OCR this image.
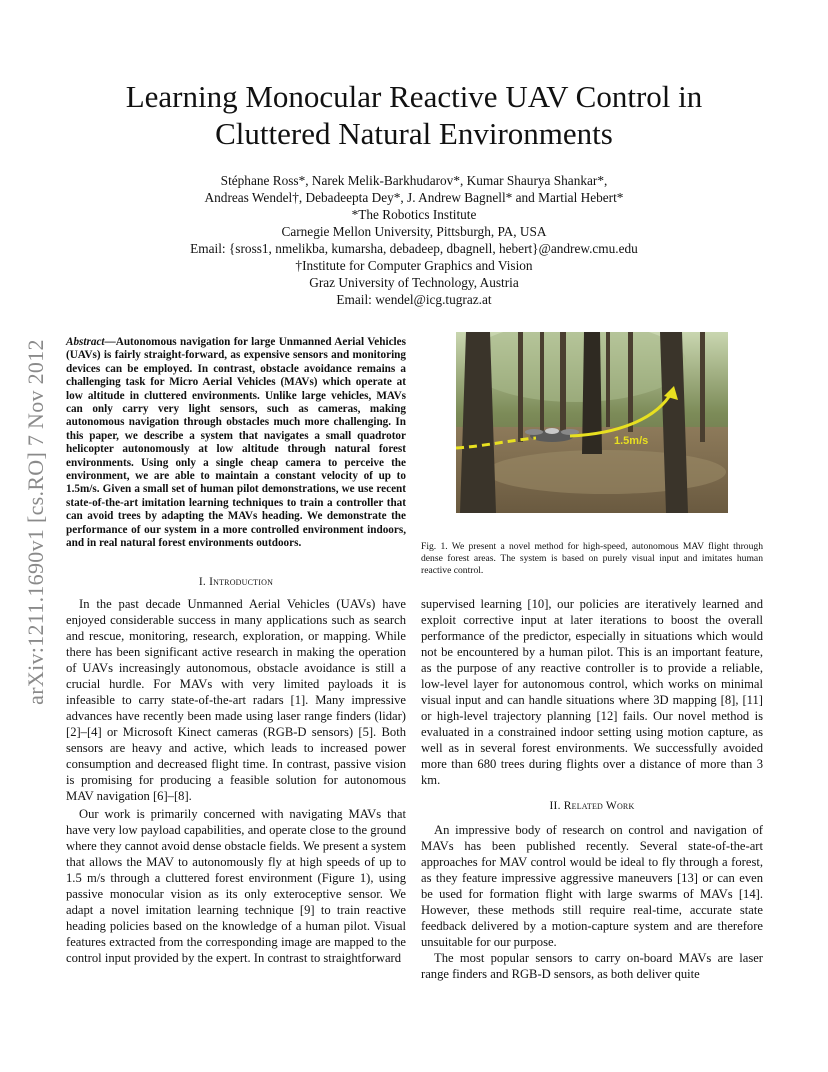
arXiv:1211.1690v1 [cs.RO] 7 Nov 2012
Learning Monocular Reactive UAV Control in
Cluttered Natural Environments
Stéphane Ross*, Narek Melik-Barkhudarov*, Kumar Shaurya Shankar*,
Andreas Wendel†, Debadeepta Dey*, J. Andrew Bagnell* and Martial Hebert*
*The Robotics Institute
Carnegie Mellon University, Pittsburgh, PA, USA
Email: {sross1, nmelikba, kumarsha, debadeep, dbagnell, hebert}@andrew.cmu.edu
†Institute for Computer Graphics and Vision
Graz University of Technology, Austria
Email: wendel@icg.tugraz.at

Abstract—Autonomous navigation for large Unmanned Aerial Vehicles (UAVs) is fairly straight-forward, as expensive sensors and monitoring devices can be employed. In contrast, obstacle avoidance remains a challenging task for Micro Aerial Vehicles (MAVs) which operate at low altitude in cluttered environments. Unlike large vehicles, MAVs can only carry very light sensors, such as cameras, making autonomous navigation through obstacles much more challenging. In this paper, we describe a system that navigates a small quadrotor helicopter autonomously at low altitude through natural forest environments. Using only a single cheap camera to perceive the environment, we are able to maintain a constant velocity of up to 1.5m/s. Given a small set of human pilot demonstrations, we use recent state-of-the-art imitation learning techniques to train a controller that can avoid trees by adapting the MAVs heading. We demonstrate the performance of our system in a more controlled environment indoors, and in real natural forest environments outdoors.

1.5m/s

Fig. 1. We present a novel method for high-speed, autonomous MAV flight through dense forest areas. The system is based on purely visual input and imitates human reactive control.

I. Introduction

In the past decade Unmanned Aerial Vehicles (UAVs) have enjoyed considerable success in many applications such as search and rescue, monitoring, research, exploration, or mapping. While there has been significant active research in making the operation of UAVs increasingly autonomous, obstacle avoidance is still a crucial hurdle. For MAVs with very limited payloads it is infeasible to carry state-of-the-art radars [1]. Many impressive advances have recently been made using laser range finders (lidar) [2]–[4] or Microsoft Kinect cameras (RGB-D sensors) [5]. Both sensors are heavy and active, which leads to increased power consumption and decreased flight time. In contrast, passive vision is promising for producing a feasible solution for autonomous MAV navigation [6]–[8].

Our work is primarily concerned with navigating MAVs that have very low payload capabilities, and operate close to the ground where they cannot avoid dense obstacle fields. We present a system that allows the MAV to autonomously fly at high speeds of up to 1.5 m/s through a cluttered forest environment (Figure 1), using passive monocular vision as its only exteroceptive sensor. We adapt a novel imitation learning technique [9] to train reactive heading policies based on the knowledge of a human pilot. Visual features extracted from the corresponding image are mapped to the control input provided by the expert. In contrast to straightforward

supervised learning [10], our policies are iteratively learned and exploit corrective input at later iterations to boost the overall performance of the predictor, especially in situations which would not be encountered by a human pilot. This is an important feature, as the purpose of any reactive controller is to provide a reliable, low-level layer for autonomous control, which works on minimal visual input and can handle situations where 3D mapping [8], [11] or high-level trajectory planning [12] fails. Our novel method is evaluated in a constrained indoor setting using motion capture, as well as in several forest environments. We successfully avoided more than 680 trees during flights over a distance of more than 3 km.

II. Related Work

An impressive body of research on control and navigation of MAVs has been published recently. Several state-of-the-art approaches for MAV control would be ideal to fly through a forest, as they feature impressive aggressive maneuvers [13] or can even be used for formation flight with large swarms of MAVs [14]. However, these methods still require real-time, accurate state feedback delivered by a motion-capture system and are therefore unsuitable for our purpose.

The most popular sensors to carry on-board MAVs are laser range finders and RGB-D sensors, as both deliver quite
